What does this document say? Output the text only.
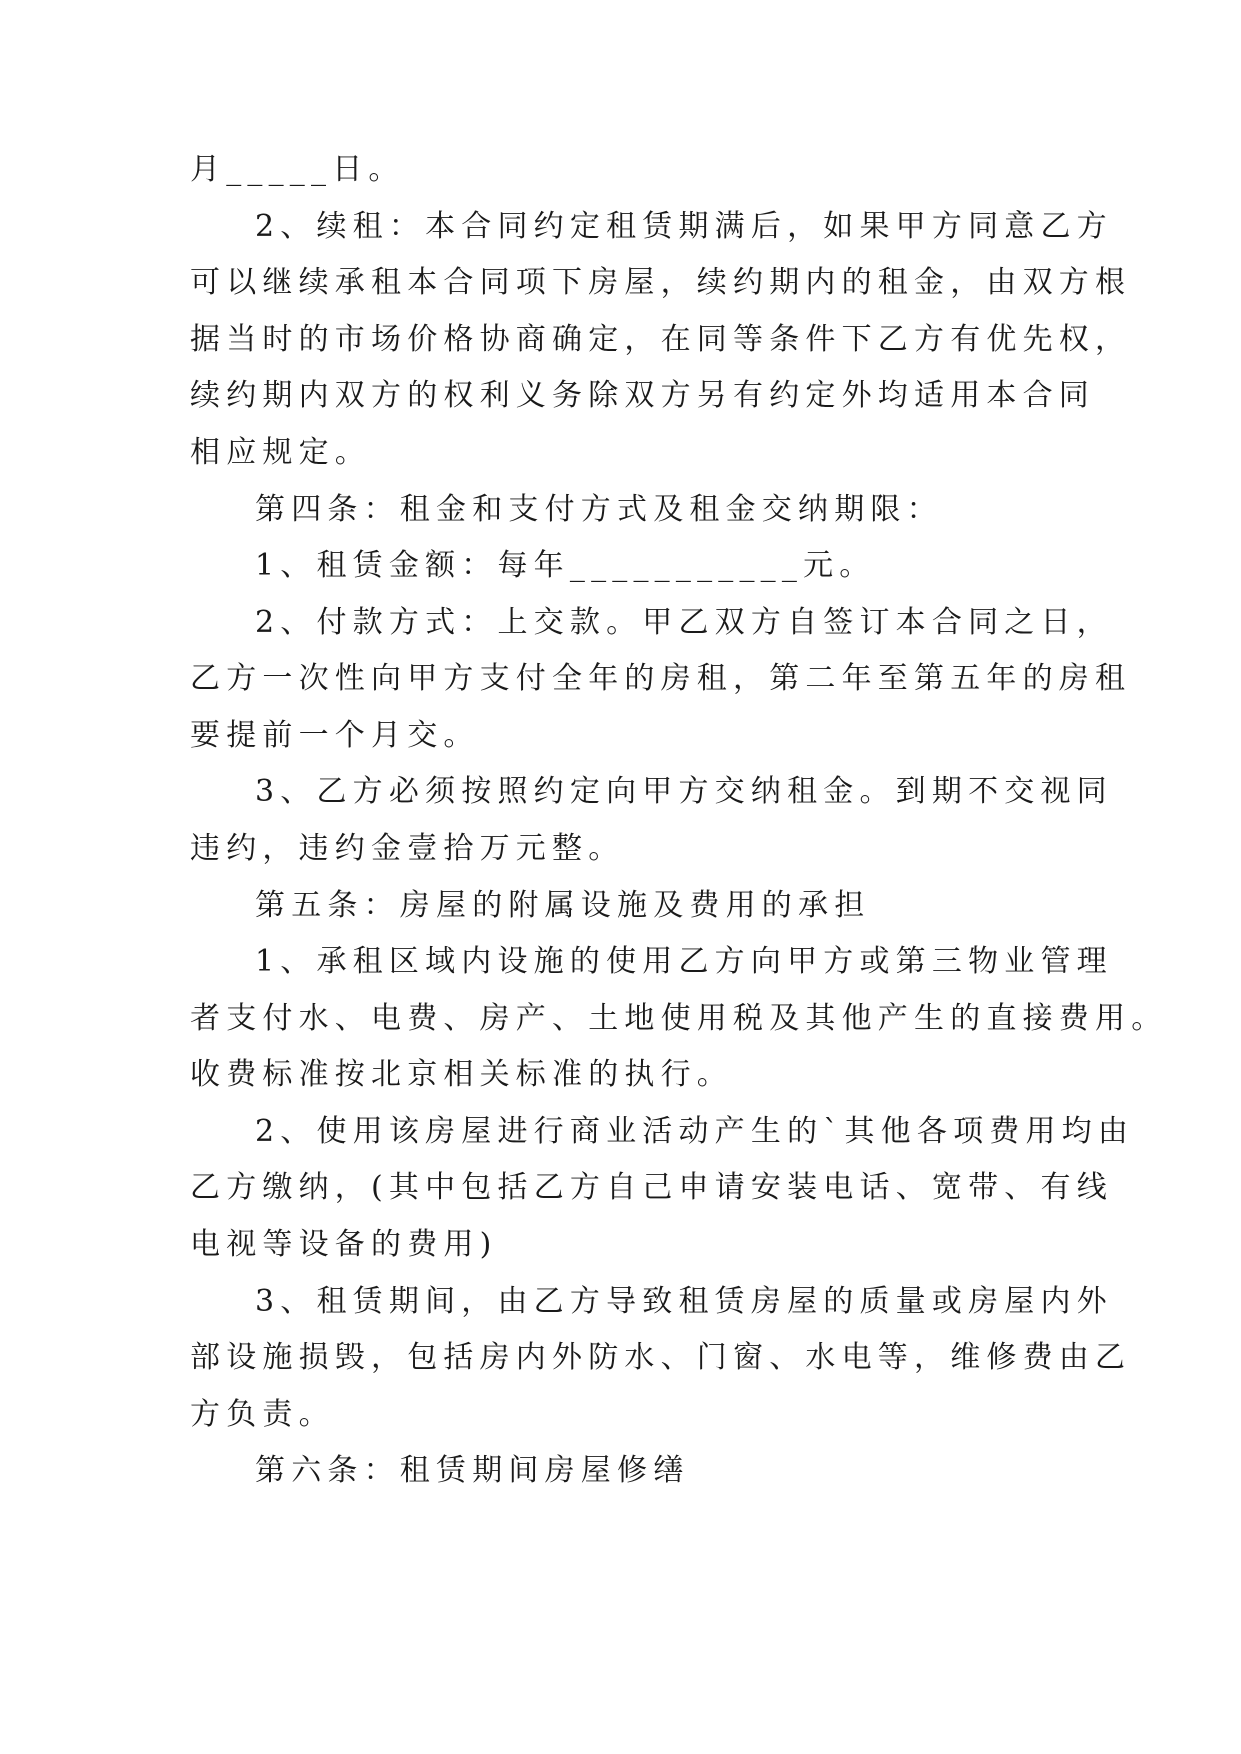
月_____日。

2、续租：本合同约定租赁期满后，如果甲方同意乙方

可以继续承租本合同项下房屋，续约期内的租金，由双方根

据当时的市场价格协商确定，在同等条件下乙方有优先权，

续约期内双方的权利义务除双方另有约定外均适用本合同

相应规定。

第四条：租金和支付方式及租金交纳期限：

1、租赁金额：每年___________元。

2、付款方式：上交款。甲乙双方自签订本合同之日，

乙方一次性向甲方支付全年的房租，第二年至第五年的房租

要提前一个月交。

3、乙方必须按照约定向甲方交纳租金。到期不交视同

违约，违约金壹拾万元整。

第五条：房屋的附属设施及费用的承担

1、承租区域内设施的使用乙方向甲方或第三物业管理

者支付水、电费、房产、土地使用税及其他产生的直接费用。

收费标准按北京相关标准的执行。

2、使用该房屋进行商业活动产生的`其他各项费用均由

乙方缴纳，(其中包括乙方自己申请安装电话、宽带、有线

电视等设备的费用)

3、租赁期间，由乙方导致租赁房屋的质量或房屋内外

部设施损毁，包括房内外防水、门窗、水电等，维修费由乙

方负责。

第六条：租赁期间房屋修缮
